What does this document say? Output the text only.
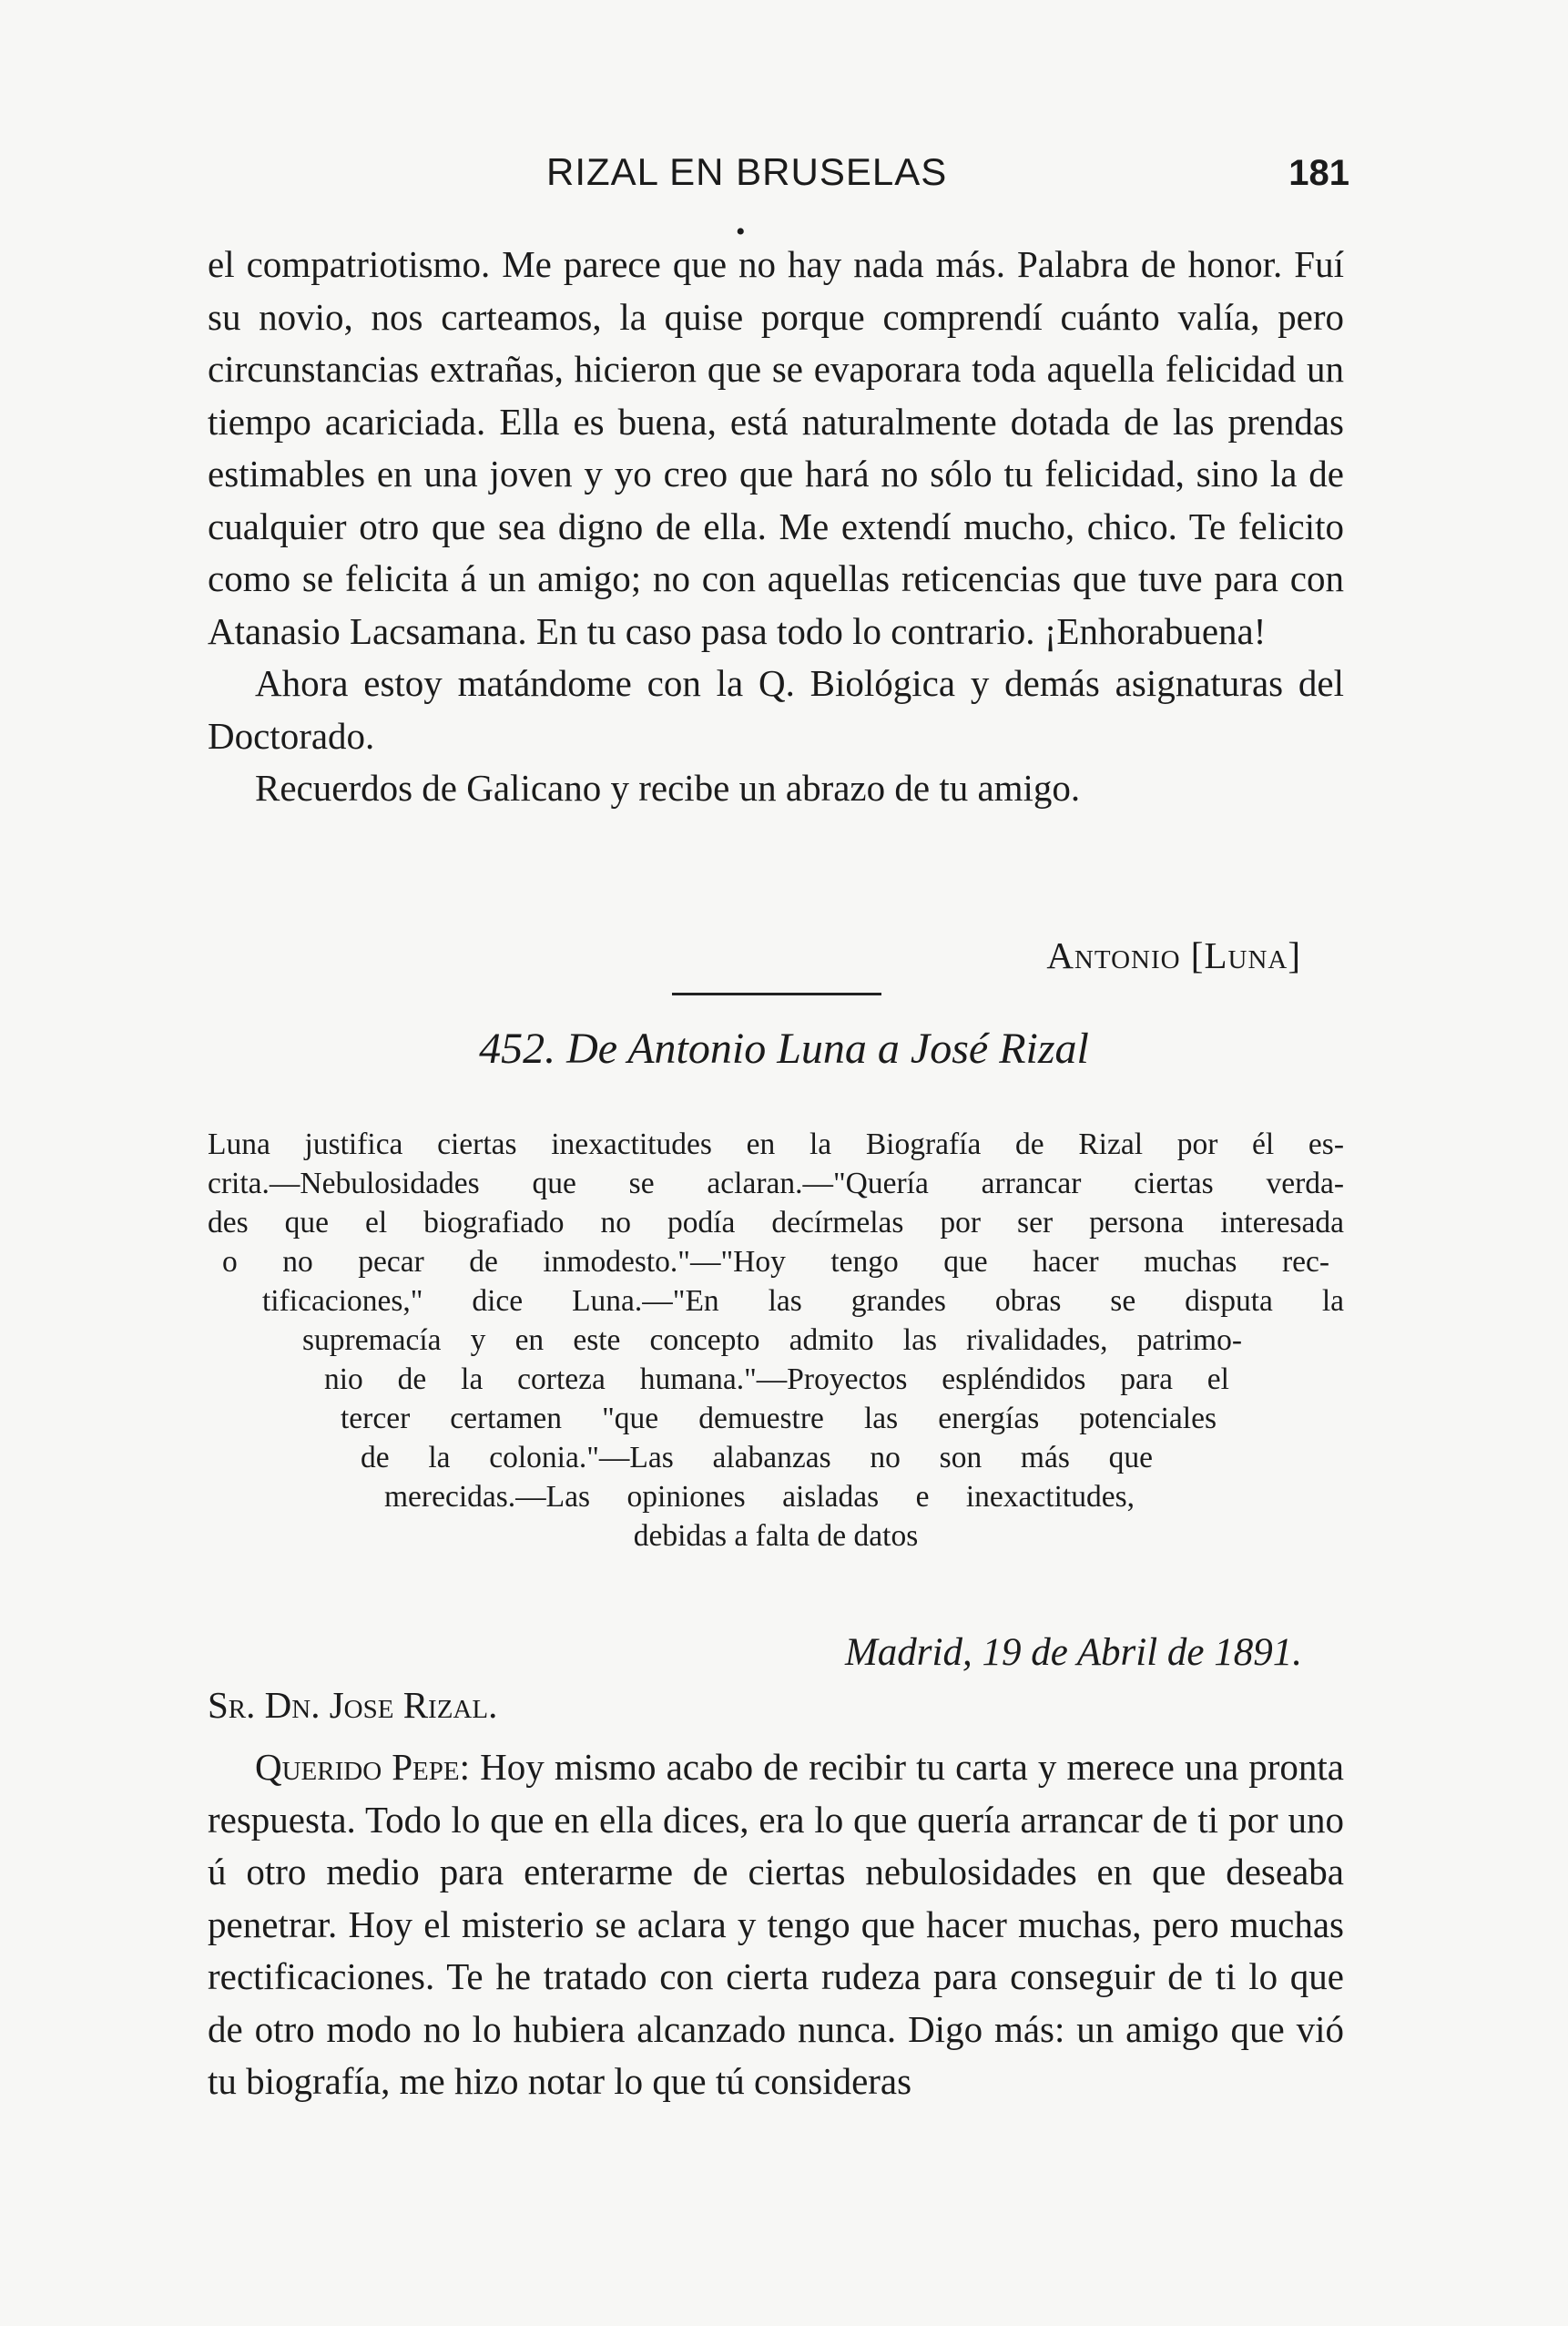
RIZAL EN BRUSELAS	181
•

el compatriotismo. Me parece que no hay nada más. Palabra de honor. Fuí su novio, nos carteamos, la quise porque comprendí cuánto valía, pero circunstancias extrañas, hicieron que se evaporara toda aquella felicidad un tiempo acariciada. Ella es buena, está naturalmente dotada de las prendas estimables en una joven y yo creo que hará no sólo tu felicidad, sino la de cualquier otro que sea digno de ella. Me extendí mucho, chico. Te felicito como se felicita á un amigo; no con aquellas reticencias que tuve para con Atanasio Lacsamana. En tu caso pasa todo lo contrario. ¡Enhorabuena!

Ahora estoy matándome con la Q. Biológica y demás asignaturas del Doctorado.

Recuerdos de Galicano y recibe un abrazo de tu amigo.

Antonio [Luna]
452. De Antonio Luna a José Rizal
Luna justifica ciertas inexactitudes en la Biografía de Rizal por él es-
crita.—Nebulosidades que se aclaran.—"Quería arrancar ciertas verda-
des que el biografiado no podía decírmelas por ser persona interesada
o no pecar de inmodesto."—"Hoy tengo que hacer muchas rec-
tificaciones," dice Luna.—"En las grandes obras se disputa la
supremacía y en este concepto admito las rivalidades, patrimo-
nio de la corteza humana."—Proyectos espléndidos para el
tercer certamen "que demuestre las energías potenciales
de la colonia."—Las alabanzas no son más que
merecidas.—Las opiniones aisladas e inexactitudes,
debidas a falta de datos
Madrid, 19 de Abril de 1891.
Sr. Dn. Jose Rizal.

Querido Pepe: Hoy mismo acabo de recibir tu carta y merece una pronta respuesta. Todo lo que en ella dices, era lo que quería arrancar de ti por uno ú otro medio para enterarme de ciertas nebulosidades en que deseaba penetrar. Hoy el misterio se aclara y tengo que hacer muchas, pero muchas rectificaciones. Te he tratado con cierta rudeza para conseguir de ti lo que de otro modo no lo hubiera alcanzado nunca. Digo más: un amigo que vió tu biografía, me hizo notar lo que tú consideras
